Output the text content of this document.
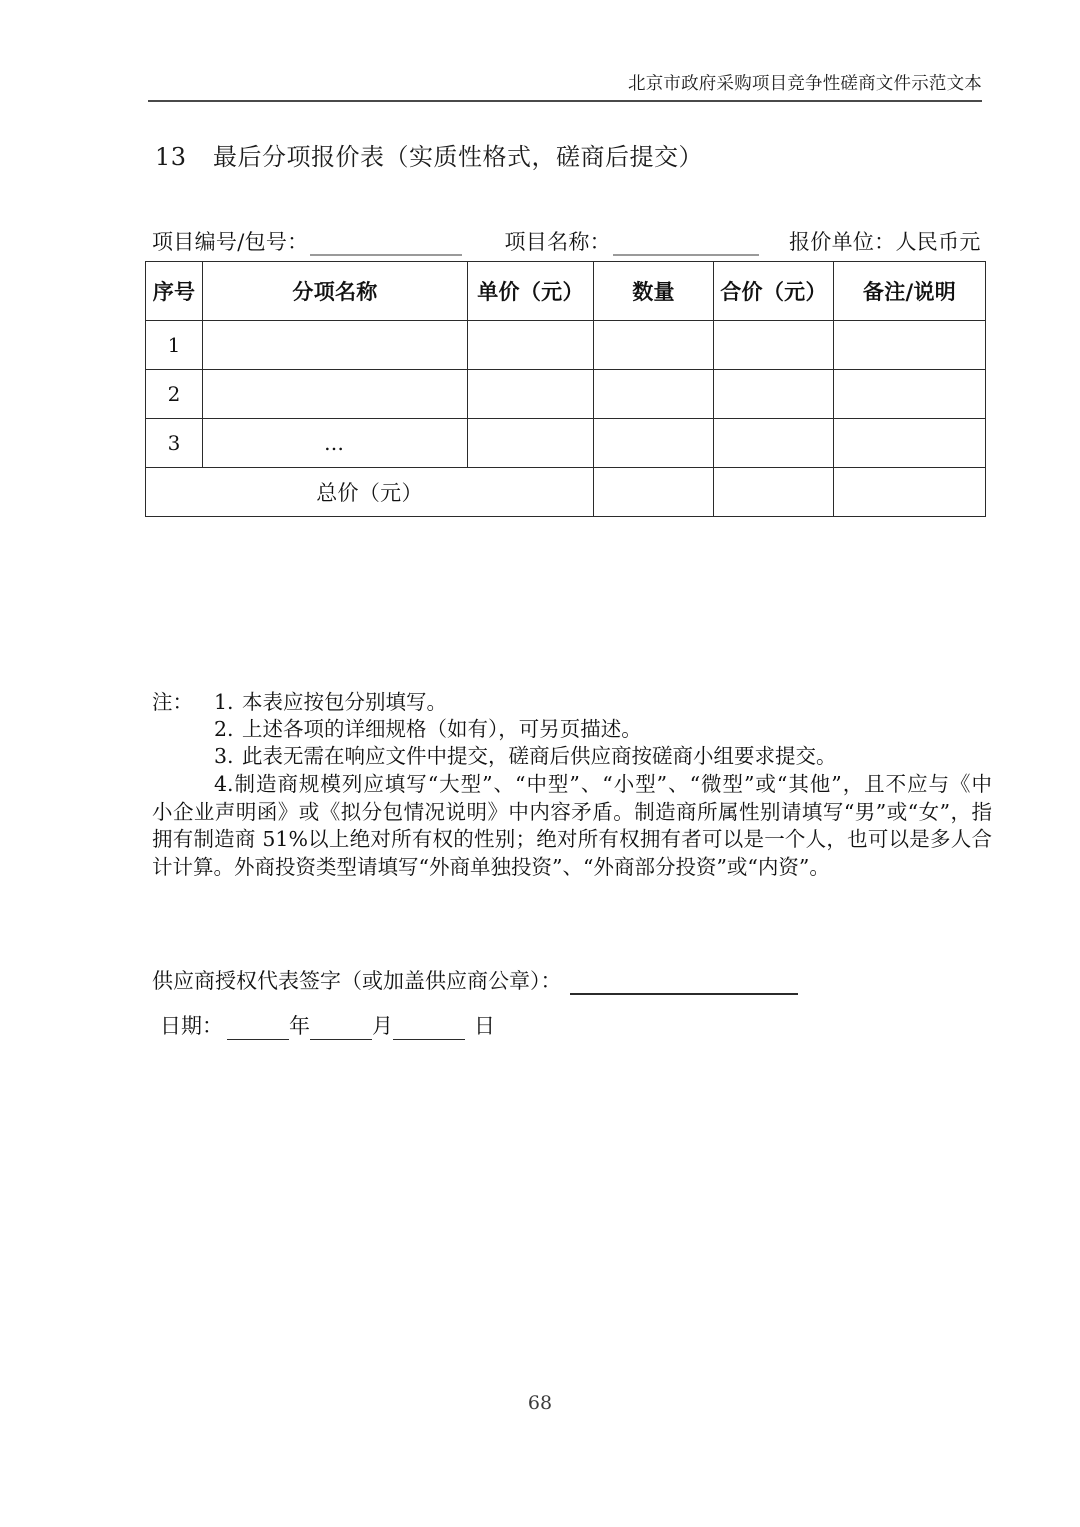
北京市政府采购项目竞争性磋商文件示范文本
13 最后分项报价表（实质性格式，磋商后提交）
项目编号/包号：	项目名称：	报价单位：人民币元
序号	分项名称	单价（元）	数量	合价（元）	备注/说明
1					
2					
3	…				
总价（元）					
注：	1. 本表应按包分别填写。
2. 上述各项的详细规格（如有），可另页描述。
3. 此表无需在响应文件中提交，磋商后供应商按磋商小组要求提交。
4.制造商规模列应填写“大型”、“中型”、“小型”、“微型”或“其他”，且不应与《中　小企业声明函》或《拟分包情况说明》中内容矛盾。制造商所属性别请填写“男”或“女”，指拥有制造商 51%以上绝对所有权的性别；绝对所有权拥有者可以是一个人，也可以是多人合计计算。外商投资类型请填写“外商单独投资”、“外商部分投资”或“内资”。
供应商授权代表签字（或加盖供应商公章）：
日期：	年	月	日
68
